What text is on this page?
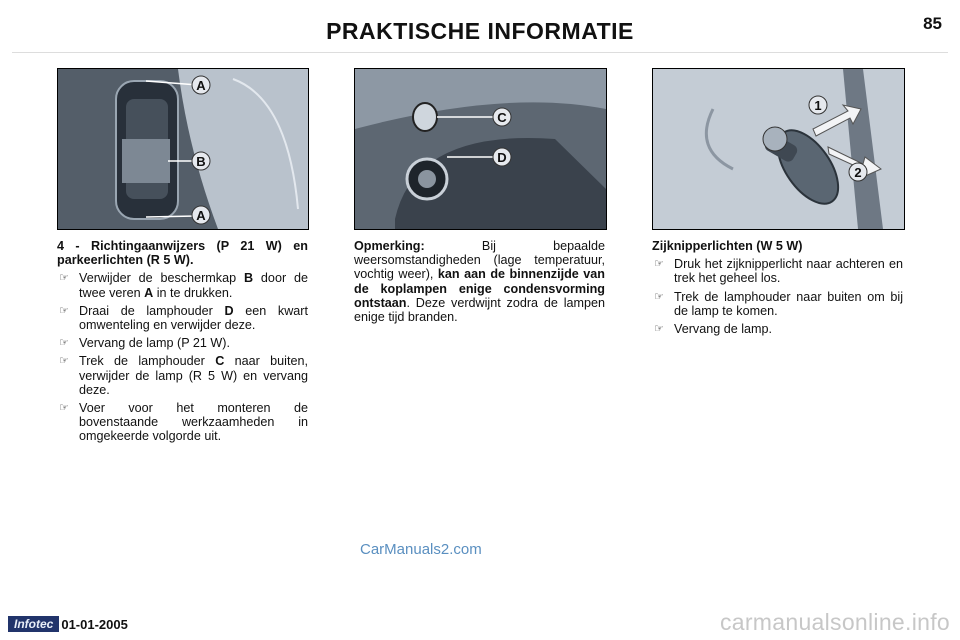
PRAKTISCHE INFORMATIE	85
A
B
A
C
D
1
2

4 - Richtingaanwijzers (P 21 W) en parkeerlichten (R 5 W).

☞ Verwijder de beschermkap B door de twee veren A in te drukken.
☞ Draai de lamphouder D een kwart omwenteling en verwijder deze.
☞ Vervang de lamp (P 21 W).
☞ Trek de lamphouder C naar buiten, verwijder de lamp (R 5 W) en vervang deze.
☞ Voer voor het monteren de bovenstaande werkzaamheden in omgekeerde volgorde uit.

Opmerking: Bij bepaalde weersomstandigheden (lage temperatuur, vochtig weer), kan aan de binnenzijde van de koplampen enige condensvorming ontstaan. Deze verdwijnt zodra de lampen enige tijd branden.

Zijknipperlichten (W 5 W)

☞ Druk het zijknipperlicht naar achteren en trek het geheel los.
☞ Trek de lamphouder naar buiten om bij de lamp te komen.
☞ Vervang de lamp.
CarManuals2.com
Infotec 01-01-2005	carmanualsonline.info
